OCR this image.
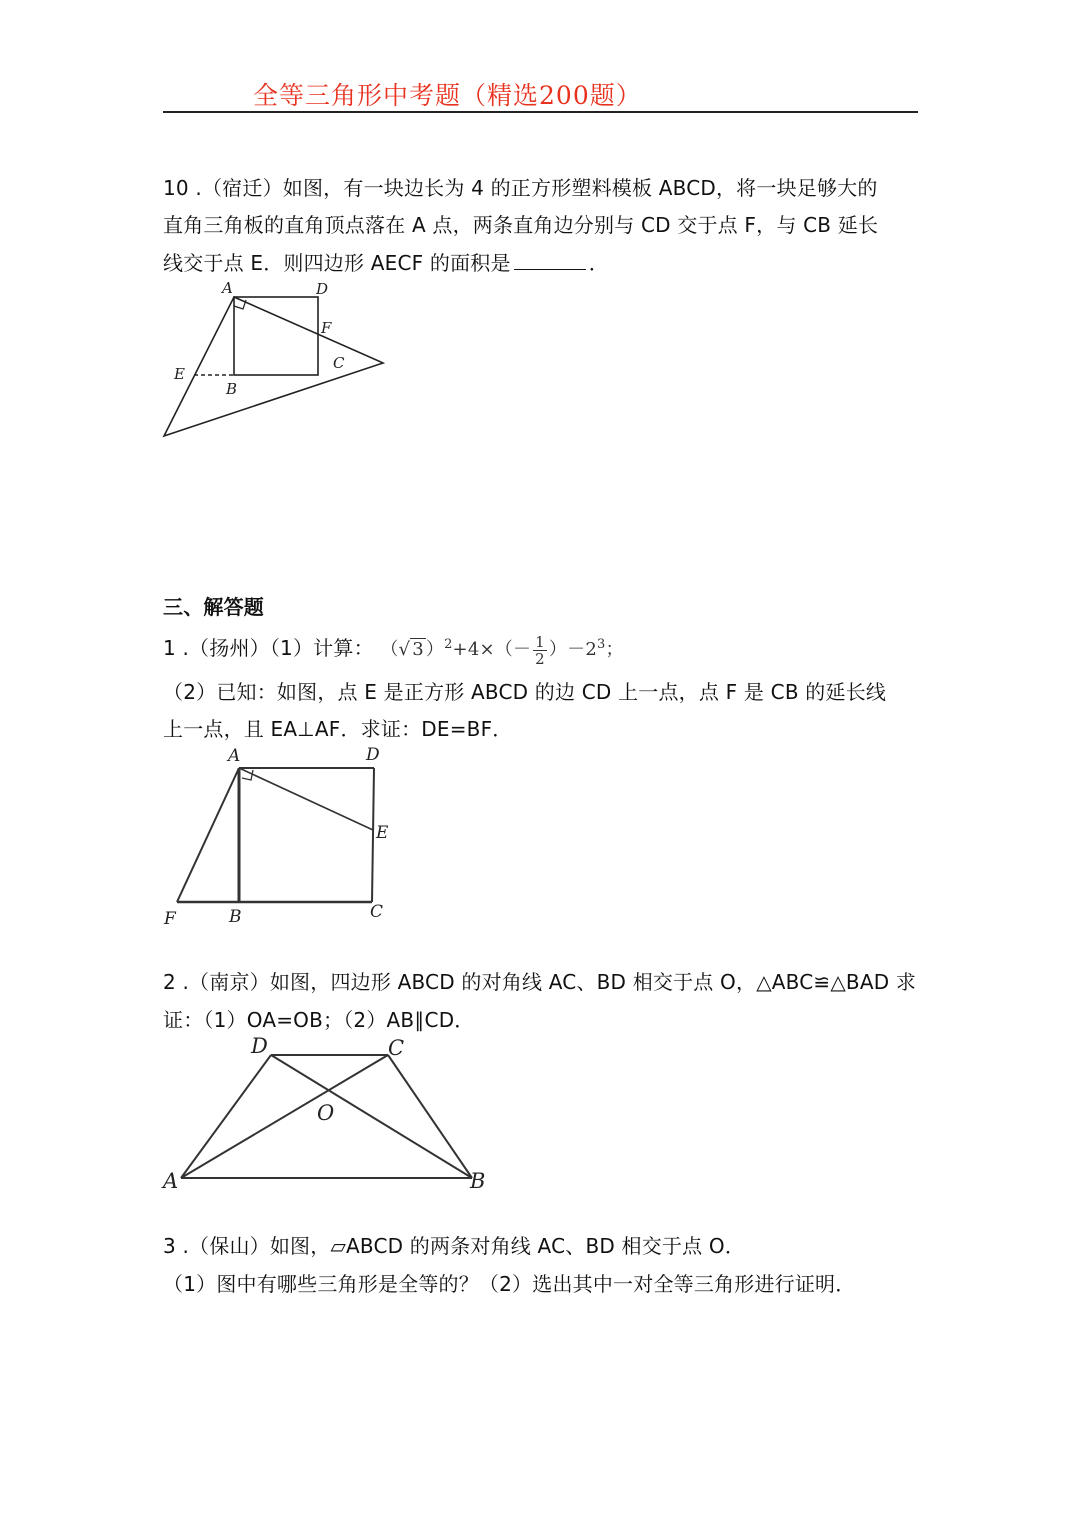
全等三角形中考题（精选200题）
10 .（宿迁）如图，有一块边长为 4 的正方形塑料模板 ABCD，将一块足够大的
直角三角板的直角顶点落在 A 点，两条直角边分别与 CD 交于点 F，与 CB 延长
线交于点 E．则四边形 AECF 的面积是	．
A	D
F
C
E
B
三、解答题
1 .（扬州）（1）计算： （√ 3 ）$^2+4\times(- \frac{1}{2} )-2^3$；
（2）已知：如图，点 E 是正方形 ABCD 的边 CD 上一点，点 F 是 CB 的延长线
上一点，且 EA⊥AF．求证：DE=BF．
A	D
E
F	B	C
2 .（南京）如图，四边形 ABCD 的对角线 AC、BD 相交于点 O，△ABC≌△BAD 求
证：（1）OA=OB；（2）AB∥CD．
D	C
O
A	B
3 .（保山）如图，▱ABCD 的两条对角线 AC、BD 相交于点 O．
（1）图中有哪些三角形是全等的？（2）选出其中一对全等三角形进行证明．
